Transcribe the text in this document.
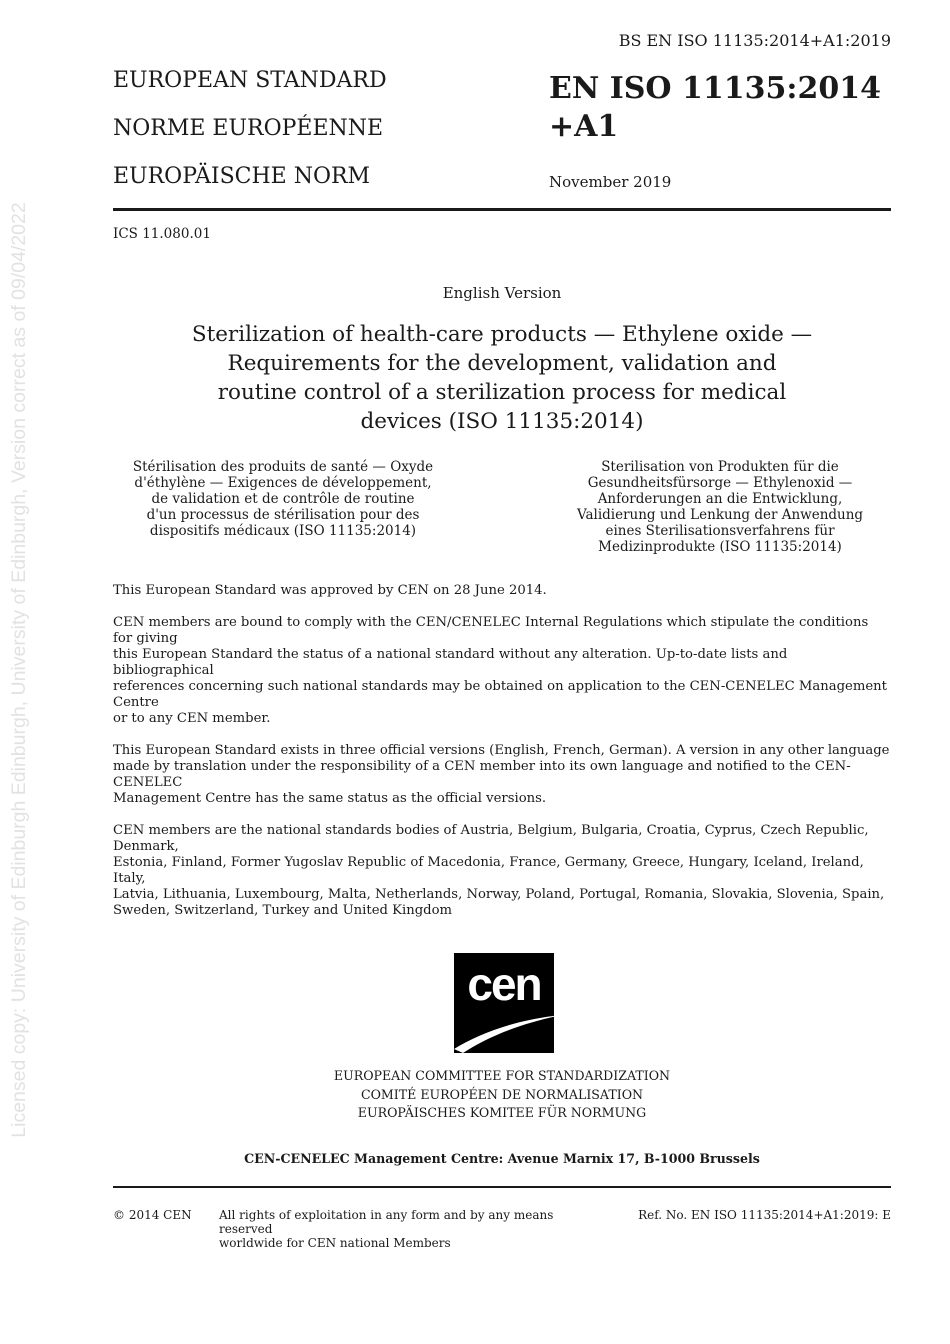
BS EN ISO 11135:2014+A1:2019
EUROPEAN STANDARD
NORME EUROPÉENNE
EUROPÄISCHE NORM
EN ISO 11135:2014
+A1
November 2019
ICS 11.080.01
English Version
Sterilization of health-care products — Ethylene oxide —
Requirements for the development, validation and
routine control of a sterilization process for medical
devices (ISO 11135:2014)
Stérilisation des produits de santé — Oxyde
d'éthylène — Exigences de développement,
de validation et de contrôle de routine
d'un processus de stérilisation pour des
dispositifs médicaux (ISO 11135:2014)
Sterilisation von Produkten für die
Gesundheitsfürsorge — Ethylenoxid —
Anforderungen an die Entwicklung,
Validierung und Lenkung der Anwendung
eines Sterilisationsverfahrens für
Medizinprodukte (ISO 11135:2014)

This European Standard was approved by CEN on 28 June 2014.

CEN members are bound to comply with the CEN/CENELEC Internal Regulations which stipulate the conditions for giving
this European Standard the status of a national standard without any alteration. Up-to-date lists and bibliographical
references concerning such national standards may be obtained on application to the CEN-CENELEC Management Centre
or to any CEN member.

This European Standard exists in three official versions (English, French, German). A version in any other language
made by translation under the responsibility of a CEN member into its own language and notified to the CEN-CENELEC
Management Centre has the same status as the official versions.

CEN members are the national standards bodies of Austria, Belgium, Bulgaria, Croatia, Cyprus, Czech Republic, Denmark,
Estonia, Finland, Former Yugoslav Republic of Macedonia, France, Germany, Greece, Hungary, Iceland, Ireland, Italy,
Latvia, Lithuania, Luxembourg, Malta, Netherlands, Norway, Poland, Portugal, Romania, Slovakia, Slovenia, Spain,
Sweden, Switzerland, Turkey and United Kingdom

cen
EUROPEAN COMMITTEE FOR STANDARDIZATION
COMITÉ EUROPÉEN DE NORMALISATION
EUROPÄISCHES KOMITEE FÜR NORMUNG
CEN-CENELEC Management Centre: Avenue Marnix 17, B-1000 Brussels
© 2014 CEN All rights of exploitation in any form and by any means reserved
worldwide for CEN national Members
Ref. No. EN ISO 11135:2014+A1:2019: E
Licensed copy: University of Edinburgh Edinburgh, University of Edinburgh, Version correct as of 09/04/2022
